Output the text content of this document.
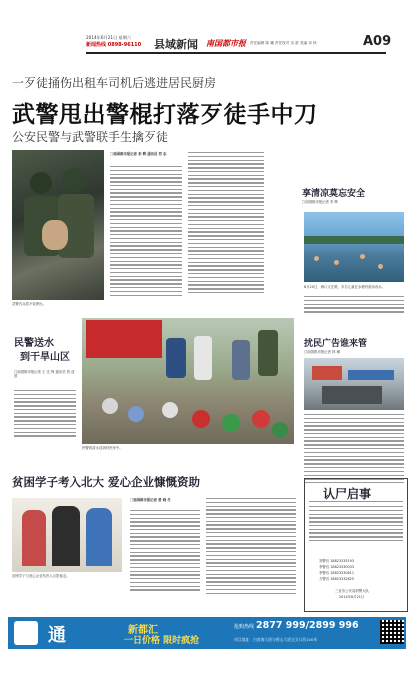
2014年6月21日 星期六
新闻热线 0898-96110 县域新闻 南国都市报 责任编辑 陈 曦 责任校对 吴 群 美编 邓 秋	A09
一歹徒捅伤出租车司机后逃进居民厨房
武警甩出警棍打落歹徒手中刀
公安民警与武警联手生擒歹徒
武警官兵将歹徒押出。
□南国都市报记者 李 辉 通讯员 符 东
享清凉莫忘安全
□南国都市报记者 李 辉
6月20日，海口文庄路，多名儿童在水塘内游泳戏水。
扰民广告谁来管
□南国都市报记者 林 琳
民警送水
到干旱山区
□南国都市报记者 王 先 锋 通讯员 蔡 清 波
民警将清水送到村民家中。
贫困学子考入北大 爱心企业慷慨资助
贫困学子与爱心企业负责人合影留念。
□南国都市报记者 曾 晓 冬	认尸启事
刘警官 18823335193
李警官 18823330033
李警官 18823330811
方警官 18823332825
三亚市公安局刑警大队
2014年6月21日
通	新都汇
一日价格 限时疯抢
抢购热线 2877 999/2899 996
项目地址：白查海大道与碧山大道交叉口西100米
